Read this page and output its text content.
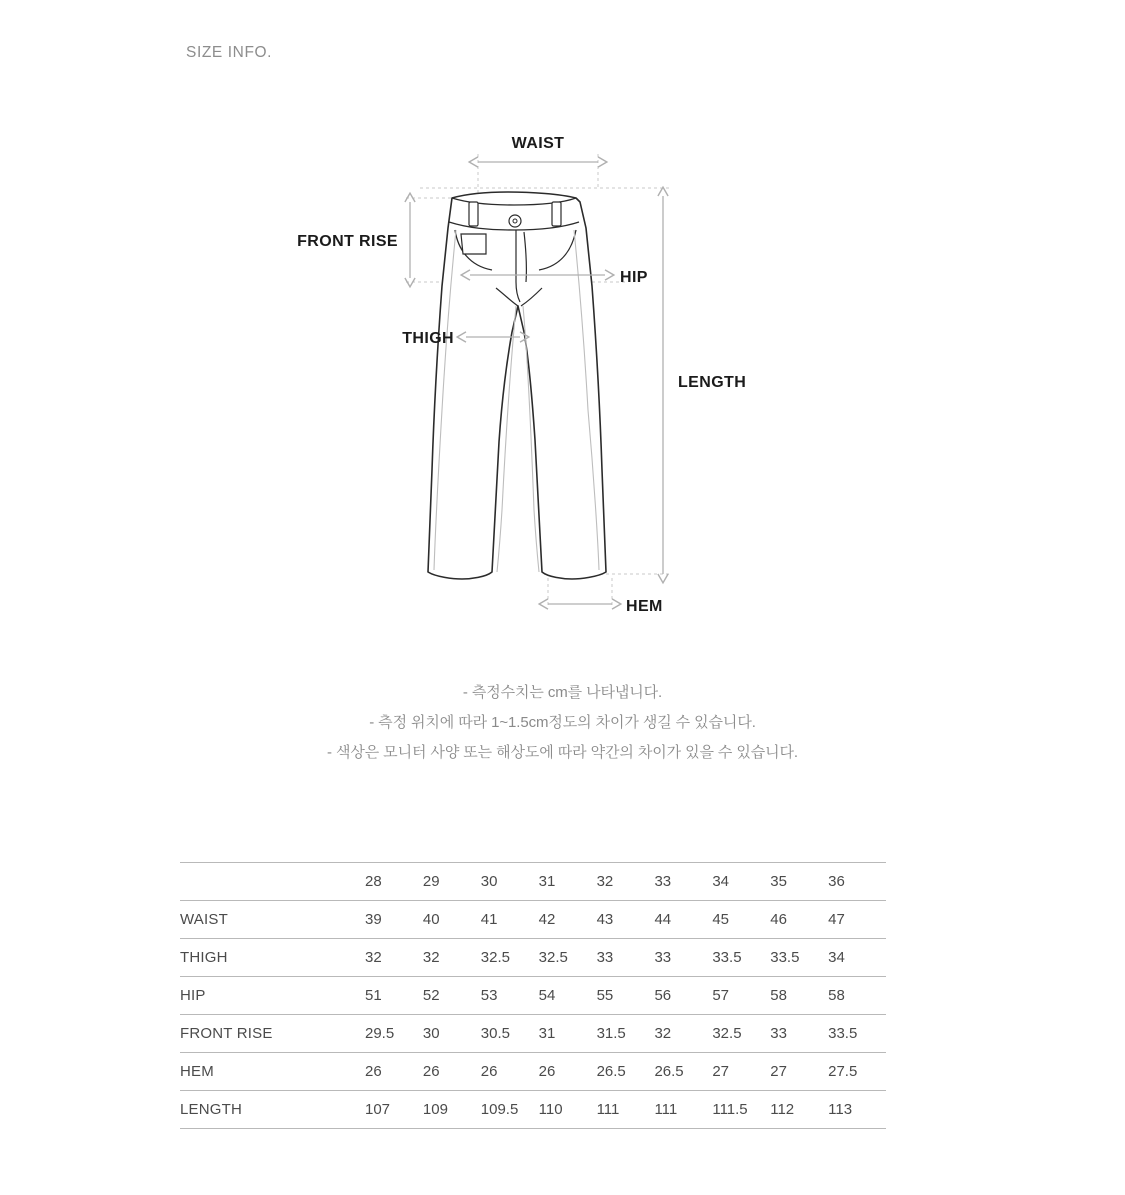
SIZE INFO.
WAIST
FRONT RISE
HIP
THIGH
LENGTH
HEM
- 측정수치는 cm를 나타냅니다.
- 측정 위치에 따라 1~1.5cm정도의 차이가 생길 수 있습니다.
- 색상은 모니터 사양 또는 해상도에 따라 약간의 차이가 있을 수 있습니다.
	28	29	30	31	32	33	34	35	36
WAIST	39	40	41	42	43	44	45	46	47
THIGH	32	32	32.5	32.5	33	33	33.5	33.5	34
HIP	51	52	53	54	55	56	57	58	58
FRONT RISE	29.5	30	30.5	31	31.5	32	32.5	33	33.5
HEM	26	26	26	26	26.5	26.5	27	27	27.5
LENGTH	107	109	109.5	110	111	111	111.5	112	113
